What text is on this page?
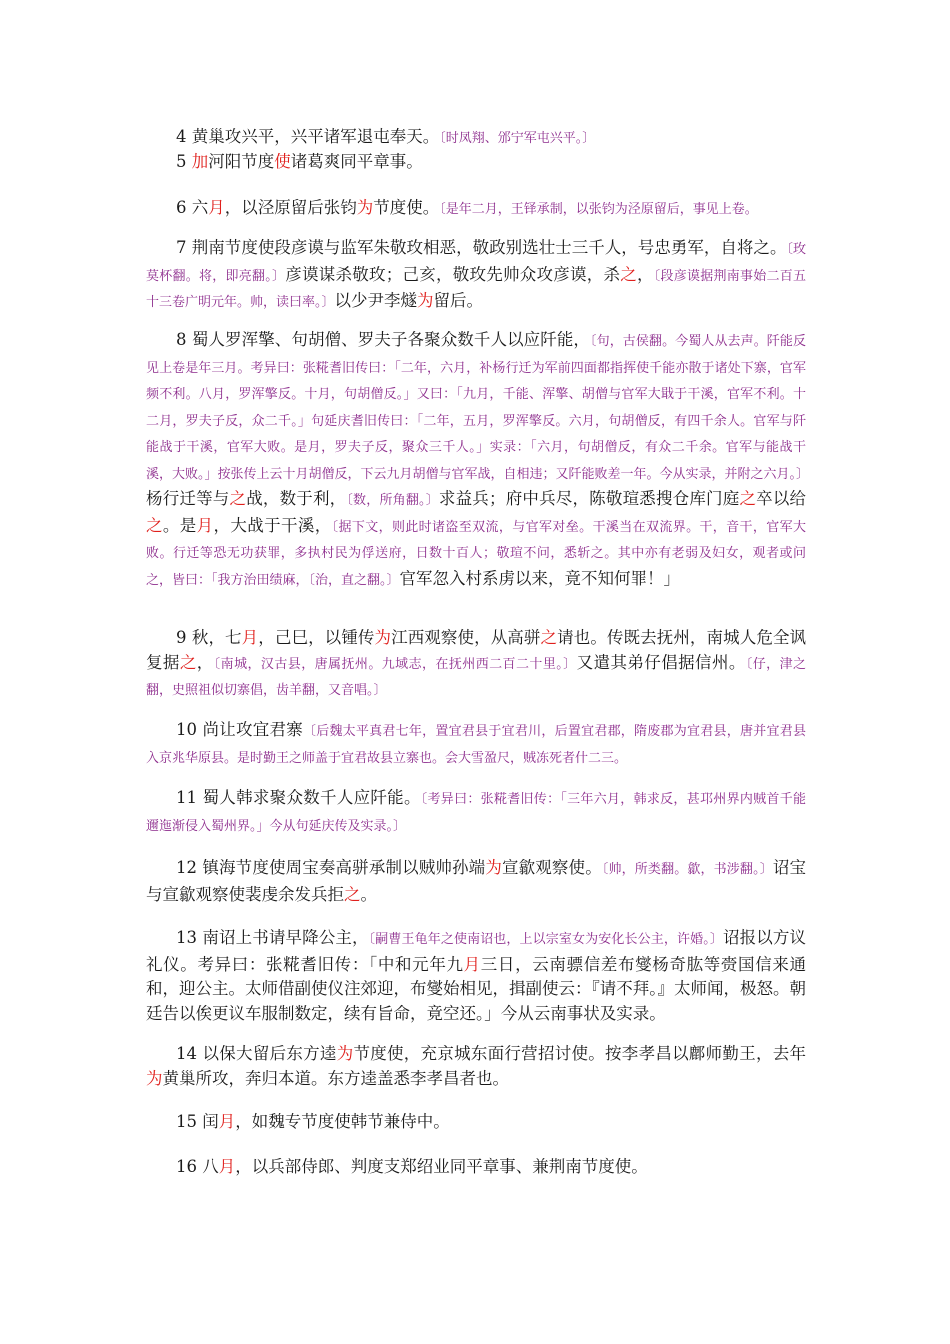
4 黄巢攻兴平，兴平诸军退屯奉天。〔时凤翔、邠宁军屯兴平。〕

5 加河阳节度使诸葛爽同平章事。

6 六月，以泾原留后张钧为节度使。〔是年二月，王铎承制，以张钧为泾原留后，事见上卷。

7 荆南节度使段彦谟与监军朱敬玫相恶，敬政别选壮士三千人，号忠勇军，自将之。〔玫莫杯翻。将，即亮翻。〕彦谟谋杀敬玫；己亥，敬玫先帅众攻彦谟，杀之，〔段彦谟据荆南事始二百五十三卷广明元年。帅，读曰率。〕以少尹李燧为留后。

8 蜀人罗浑擎、句胡僧、罗夫子各聚众数千人以应阡能，〔句，古侯翻。今蜀人从去声。阡能反见上卷是年三月。考异曰：张糀耆旧传曰：「二年，六月，补杨行迁为军前四面都指挥使千能亦散于诸处下寨，官军频不利。八月，罗浑擎反。十月，句胡僧反。」又曰：「九月，千能、浑擎、胡僧与官军大戢于干溪，官军不利。十二月，罗夫子反，众二千。」句延庆耆旧传曰：「二年，五月，罗浑擎反。六月，句胡僧反，有四千余人。官军与阡能战于干溪，官军大败。是月，罗夫子反，聚众三千人。」实录：「六月，句胡僧反，有众二千余。官军与能战干溪，大败。」按张传上云十月胡僧反，下云九月胡僧与官军战，自相违；又阡能败差一年。今从实录，并附之六月。〕杨行迁等与之战，数于利，〔数，所角翻。〕求益兵；府中兵尽，陈敬瑄悉搜仓库门庭之卒以给之。是月，大战于干溪，〔据下文，则此时诸盗至双流，与官军对垒。干溪当在双流界。干，音干，官军大败。行迁等恐无功获罪，多执村民为俘送府，日数十百人；敬瑄不问，悉斩之。其中亦有老弱及妇女，观者或问之，皆曰：「我方治田绩麻，〔治，直之翻。〕官军忽入村系虏以来，竟不知何罪！」

9 秋，七月，己巳，以锺传为江西观察使，从高骈之请也。传既去抚州，南城人危全讽复据之，〔南城，汉古县，唐属抚州。九域志，在抚州西二百二十里。〕又遣其弟仔倡据信州。〔仔，津之翻，史照祖似切寨倡，齿羊翻，又音唱。〕

10 尚让攻宜君寨〔后魏太平真君七年，置宜君县于宜君川，后置宜君郡，隋废郡为宜君县，唐并宜君县入京兆华原县。是时勤王之师盖于宜君故县立寨也。会大雪盈尺，贼冻死者什二三。

11 蜀人韩求聚众数千人应阡能。〔考异曰：张糀耆旧传：「三年六月，韩求反，甚邛州界内贼首千能邇迤渐侵入蜀州界。」今从句延庆传及实录。〕

12 镇海节度使周宝奏高骈承制以贼帅孙端为宣歙观察使。〔帅，所类翻。歙，书涉翻。〕诏宝与宣歙观察使裴虔余发兵拒之。

13 南诏上书请早降公主，〔嗣曹王龟年之使南诏也，上以宗室女为安化长公主，许婚。〕诏报以方议礼仪。考异曰：张糀耆旧传：「中和元年九月三日，云南骠信差布燮杨奇肱等赍国信来通和，迎公主。太师借副使仪注郊迎，布燮始相见，揖副使云：『请不拜。』太师闻，极怒。朝廷告以俟更议车服制数定，续有旨命，竟空还。」今从云南事状及实录。

14 以保大留后东方逵为节度使，充京城东面行营招讨使。按李孝昌以鄜师勤王，去年为黄巢所攻，奔归本道。东方逵盖悉李孝昌者也。

15 闰月，如魏专节度使韩节兼侍中。

16 八月，以兵部侍郎、判度支郑绍业同平章事、兼荆南节度使。
